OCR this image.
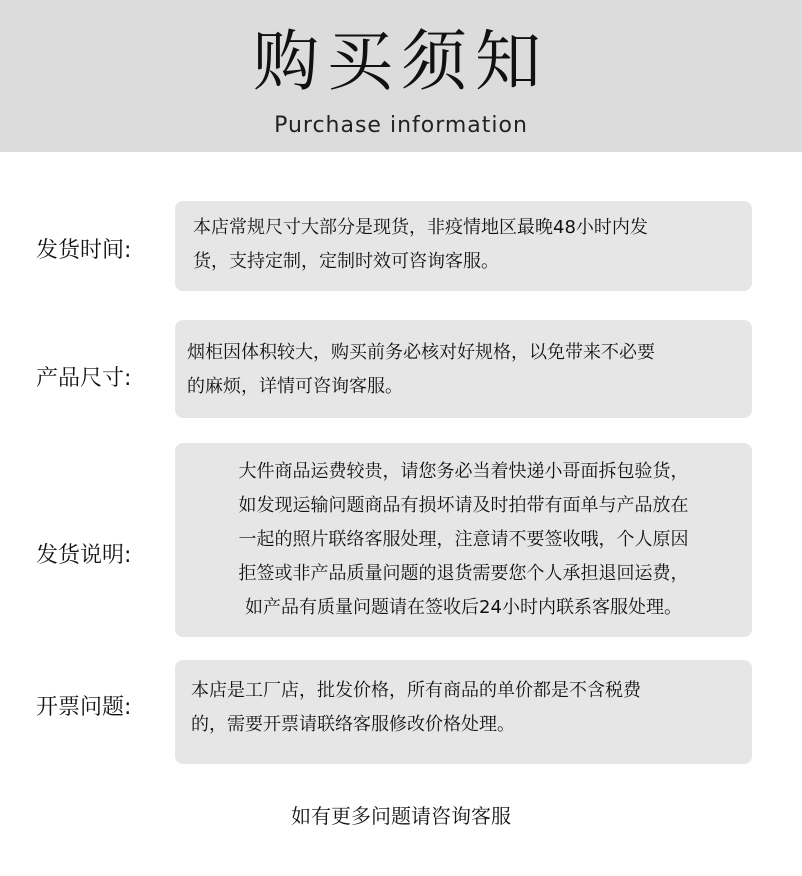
购买须知
Purchase information
发货时间:
本店常规尺寸大部分是现货，非疫情地区最晚48小时内发
货，支持定制，定制时效可咨询客服。
产品尺寸:
烟柜因体积较大，购买前务必核对好规格，以免带来不必要
的麻烦，详情可咨询客服。
发货说明:
大件商品运费较贵，请您务必当着快递小哥面拆包验货，
如发现运输问题商品有损坏请及时拍带有面单与产品放在
一起的照片联络客服处理，注意请不要签收哦，个人原因
拒签或非产品质量问题的退货需要您个人承担退回运费，
如产品有质量问题请在签收后24小时内联系客服处理。
开票问题:
本店是工厂店，批发价格，所有商品的单价都是不含税费
的，需要开票请联络客服修改价格处理。
如有更多问题请咨询客服
